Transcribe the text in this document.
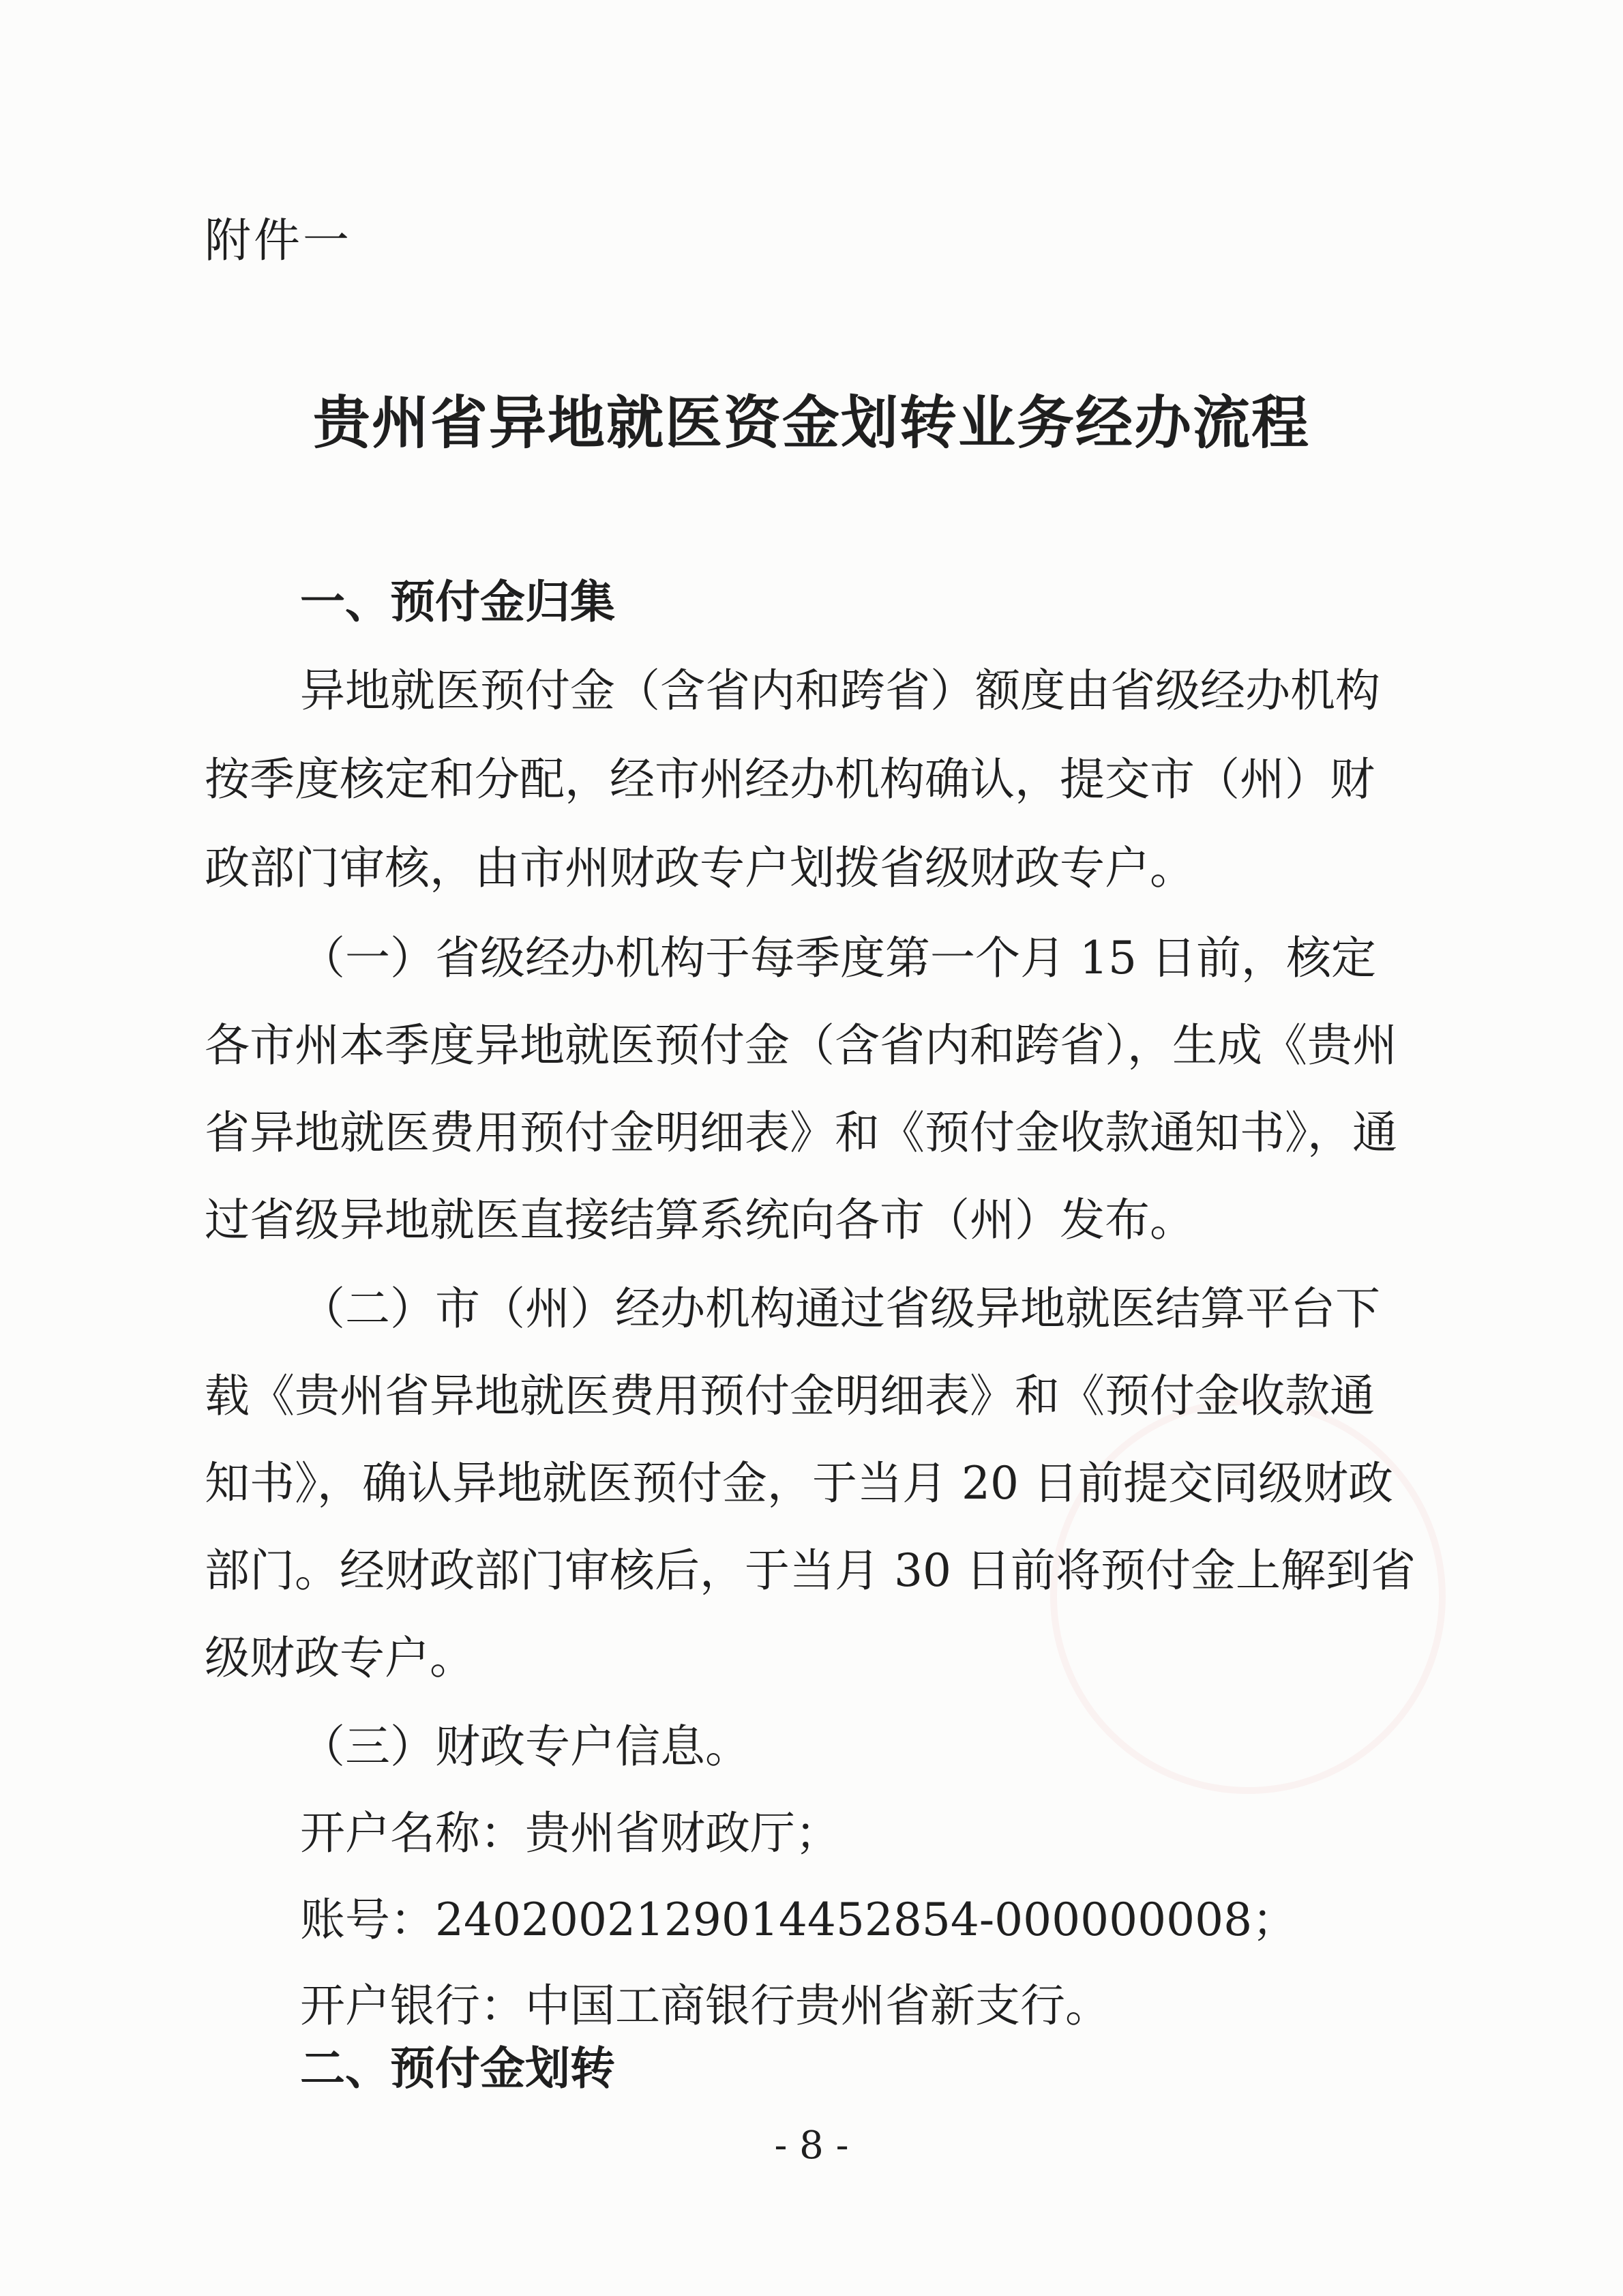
附件一
贵州省异地就医资金划转业务经办流程
一、预付金归集
异地就医预付金（含省内和跨省）额度由省级经办机构
按季度核定和分配，经市州经办机构确认，提交市（州）财
政部门审核，由市州财政专户划拨省级财政专户。
（一）省级经办机构于每季度第一个月 15 日前，核定
各市州本季度异地就医预付金（含省内和跨省），生成《贵州
省异地就医费用预付金明细表》和《预付金收款通知书》，通
过省级异地就医直接结算系统向各市（州）发布。
（二）市（州）经办机构通过省级异地就医结算平台下
载《贵州省异地就医费用预付金明细表》和《预付金收款通
知书》，确认异地就医预付金，于当月 20 日前提交同级财政
部门。经财政部门审核后，于当月 30 日前将预付金上解到省
级财政专户。
（三）财政专户信息。
开户名称：贵州省财政厅；
账号：2402002129014452854-000000008；
开户银行：中国工商银行贵州省新支行。
二、预付金划转
- 8 -
